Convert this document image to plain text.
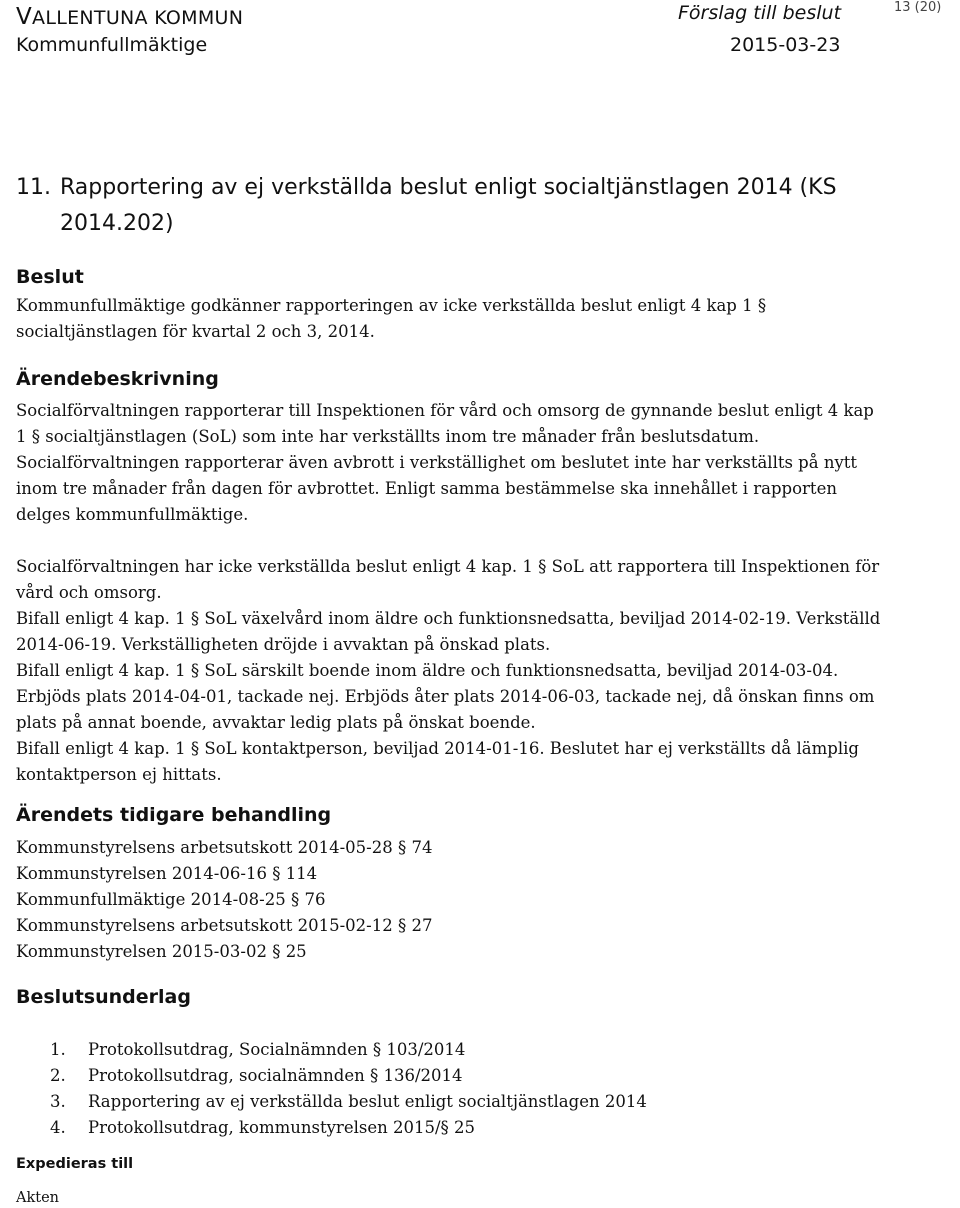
VALLENTUNA KOMMUN	Förslag till beslut	13 (20)
Kommunfullmäktige	2015-03-23
11. Rapportering av ej verkställda beslut enligt socialtjänstlagen 2014 (KS
2014.202)
Beslut
Kommunfullmäktige godkänner rapporteringen av icke verkställda beslut enligt 4 kap 1 §
socialtjänstlagen för kvartal 2 och 3, 2014.
Ärendebeskrivning
Socialförvaltningen rapporterar till Inspektionen för vård och omsorg de gynnande beslut enligt 4 kap
1 § socialtjänstlagen (SoL) som inte har verkställts inom tre månader från beslutsdatum.
Socialförvaltningen rapporterar även avbrott i verkställighet om beslutet inte har verkställts på nytt
inom tre månader från dagen för avbrottet. Enligt samma bestämmelse ska innehållet i rapporten
delges kommunfullmäktige.
Socialförvaltningen har icke verkställda beslut enligt 4 kap. 1 § SoL att rapportera till Inspektionen för
vård och omsorg.
Bifall enligt 4 kap. 1 § SoL växelvård inom äldre och funktionsnedsatta, beviljad 2014-02-19. Verkställd
2014-06-19. Verkställigheten dröjde i avvaktan på önskad plats.
Bifall enligt 4 kap. 1 § SoL särskilt boende inom äldre och funktionsnedsatta, beviljad 2014-03-04.
Erbjöds plats 2014-04-01, tackade nej. Erbjöds åter plats 2014-06-03, tackade nej, då önskan finns om
plats på annat boende, avvaktar ledig plats på önskat boende.
Bifall enligt 4 kap. 1 § SoL kontaktperson, beviljad 2014-01-16. Beslutet har ej verkställts då lämplig
kontaktperson ej hittats.
Ärendets tidigare behandling
Kommunstyrelsens arbetsutskott 2014-05-28 § 74
Kommunstyrelsen 2014-06-16 § 114
Kommunfullmäktige 2014-08-25 § 76
Kommunstyrelsens arbetsutskott 2015-02-12 § 27
Kommunstyrelsen 2015-03-02 § 25
Beslutsunderlag
1. Protokollsutdrag, Socialnämnden § 103/2014
2. Protokollsutdrag, socialnämnden § 136/2014
3. Rapportering av ej verkställda beslut enligt socialtjänstlagen 2014
4. Protokollsutdrag, kommunstyrelsen 2015/§ 25
Expedieras till
Akten
